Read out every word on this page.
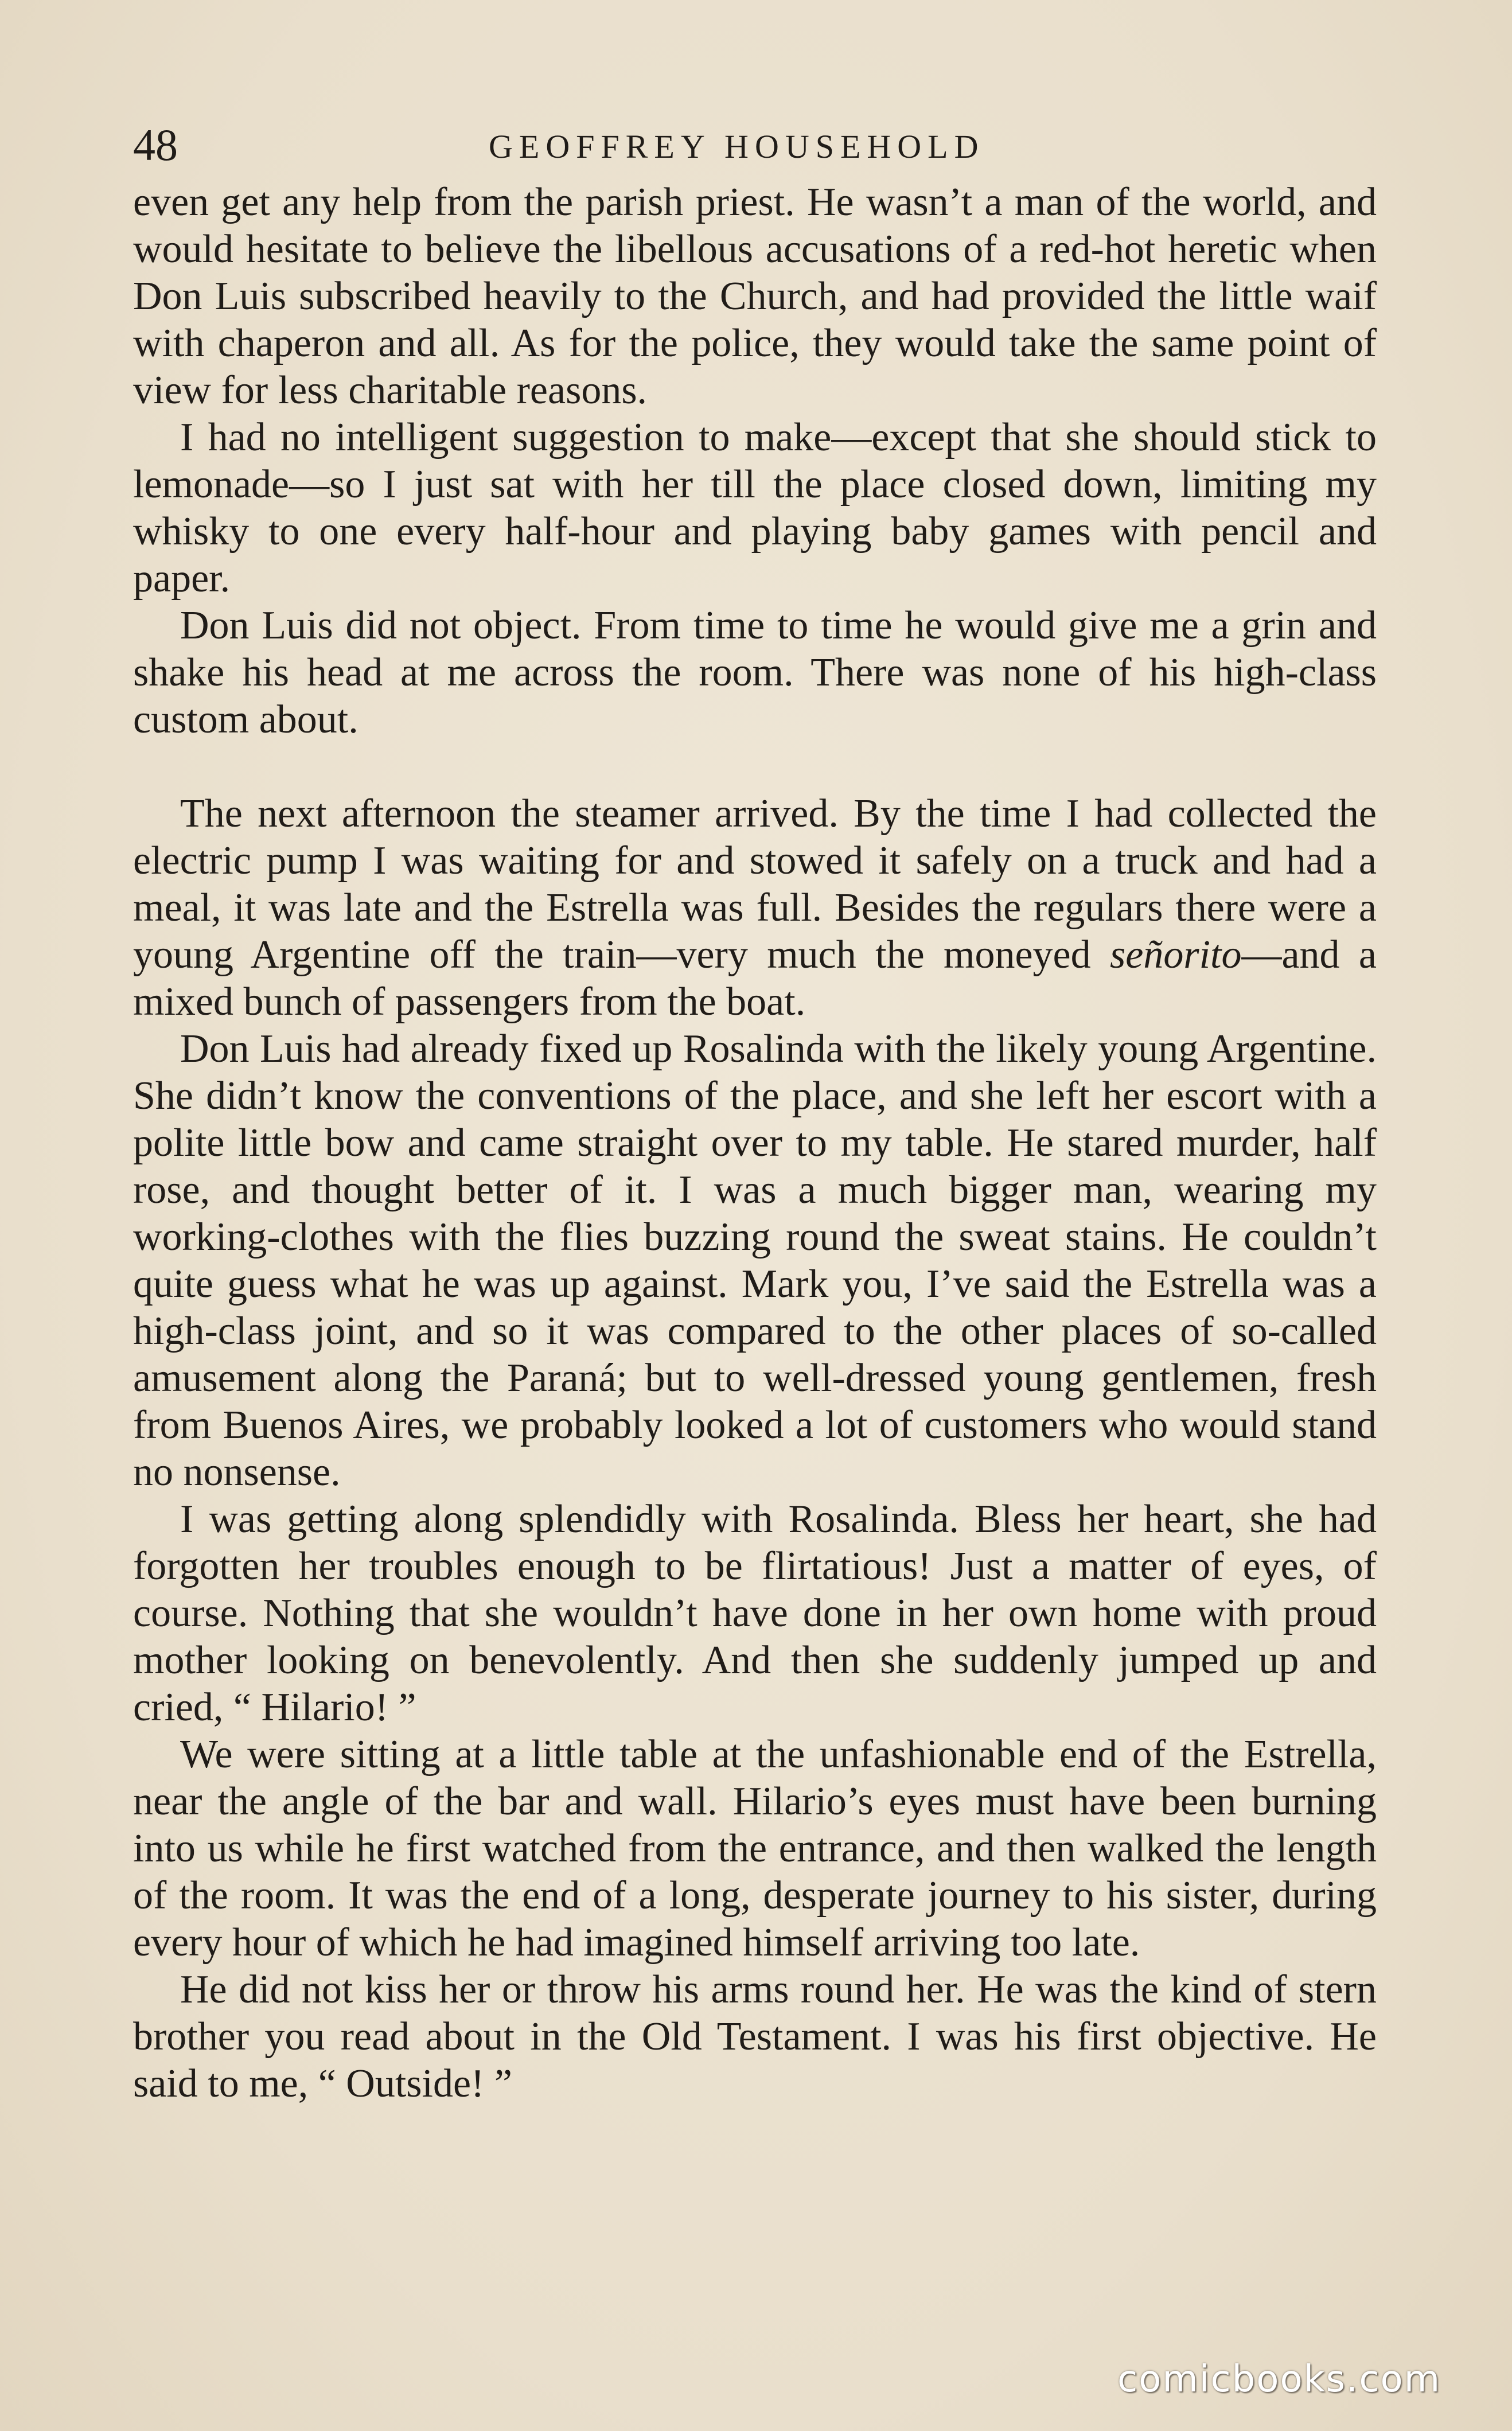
48	GEOFFREY HOUSEHOLD

even get any help from the parish priest. He wasn’t a man of the world, and would hesitate to believe the libellous accusations of a red-hot heretic when Don Luis subscribed heavily to the Church, and had provided the little waif with chaperon and all. As for the police, they would take the same point of view for less charitable reasons.

I had no intelligent suggestion to make—except that she should stick to lemonade—so I just sat with her till the place closed down, limiting my whisky to one every half-hour and playing baby games with pencil and paper.

Don Luis did not object. From time to time he would give me a grin and shake his head at me across the room. There was none of his high-class custom about.

The next afternoon the steamer arrived. By the time I had collected the electric pump I was waiting for and stowed it safely on a truck and had a meal, it was late and the Estrella was full. Besides the regulars there were a young Argentine off the train—very much the moneyed señorito—and a mixed bunch of passengers from the boat.

Don Luis had already fixed up Rosalinda with the likely young Argentine. She didn’t know the conventions of the place, and she left her escort with a polite little bow and came straight over to my table. He stared murder, half rose, and thought better of it. I was a much bigger man, wearing my working-clothes with the flies buzzing round the sweat stains. He couldn’t quite guess what he was up against. Mark you, I’ve said the Estrella was a high-class joint, and so it was compared to the other places of so-called amusement along the Paraná; but to well-dressed young gentlemen, fresh from Buenos Aires, we probably looked a lot of customers who would stand no nonsense.

I was getting along splendidly with Rosalinda. Bless her heart, she had forgotten her troubles enough to be flirtatious! Just a matter of eyes, of course. Nothing that she wouldn’t have done in her own home with proud mother looking on benevolently. And then she suddenly jumped up and cried, “ Hilario! ”

We were sitting at a little table at the unfashionable end of the Estrella, near the angle of the bar and wall. Hilario’s eyes must have been burning into us while he first watched from the entrance, and then walked the length of the room. It was the end of a long, desperate journey to his sister, during every hour of which he had imagined himself arriving too late.

He did not kiss her or throw his arms round her. He was the kind of stern brother you read about in the Old Testament. I was his first objective. He said to me, “ Outside! ”

comicbooks.com
